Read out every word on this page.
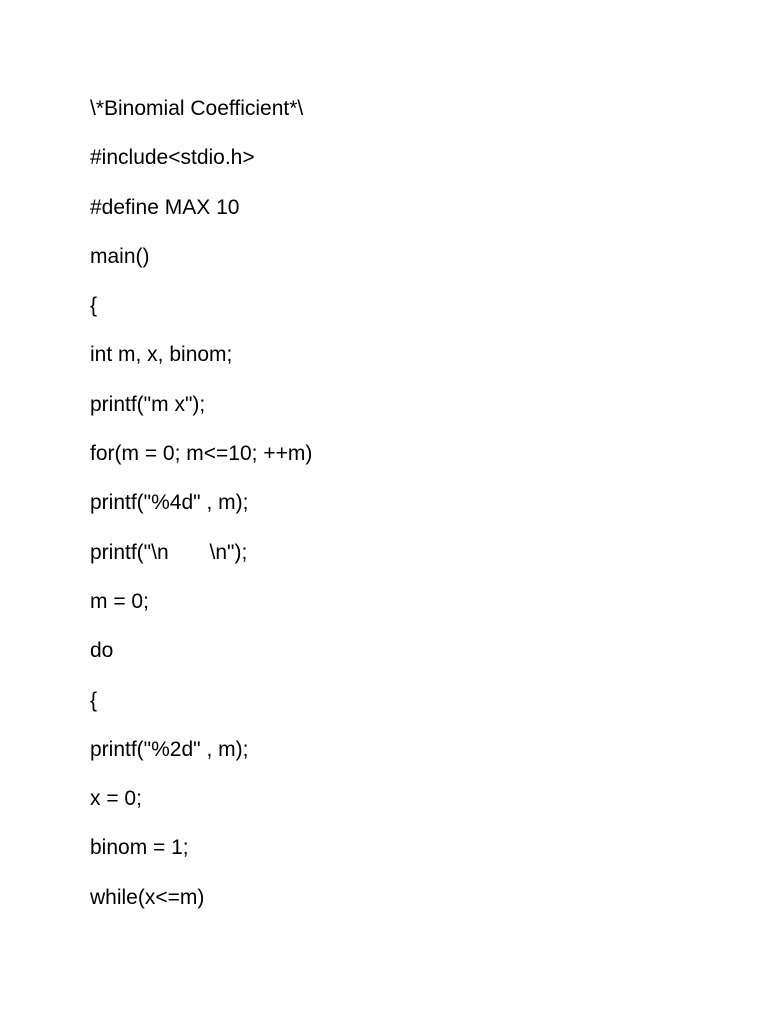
\*Binomial Coefficient*\
#include<stdio.h>
#define MAX 10
main()
{
int m, x, binom;
printf("m x");
for(m = 0; m<=10; ++m)
printf("%4d" , m);
printf("\n       \n");
m = 0;
do
{
printf("%2d" , m);
x = 0;
binom = 1;
while(x<=m)
